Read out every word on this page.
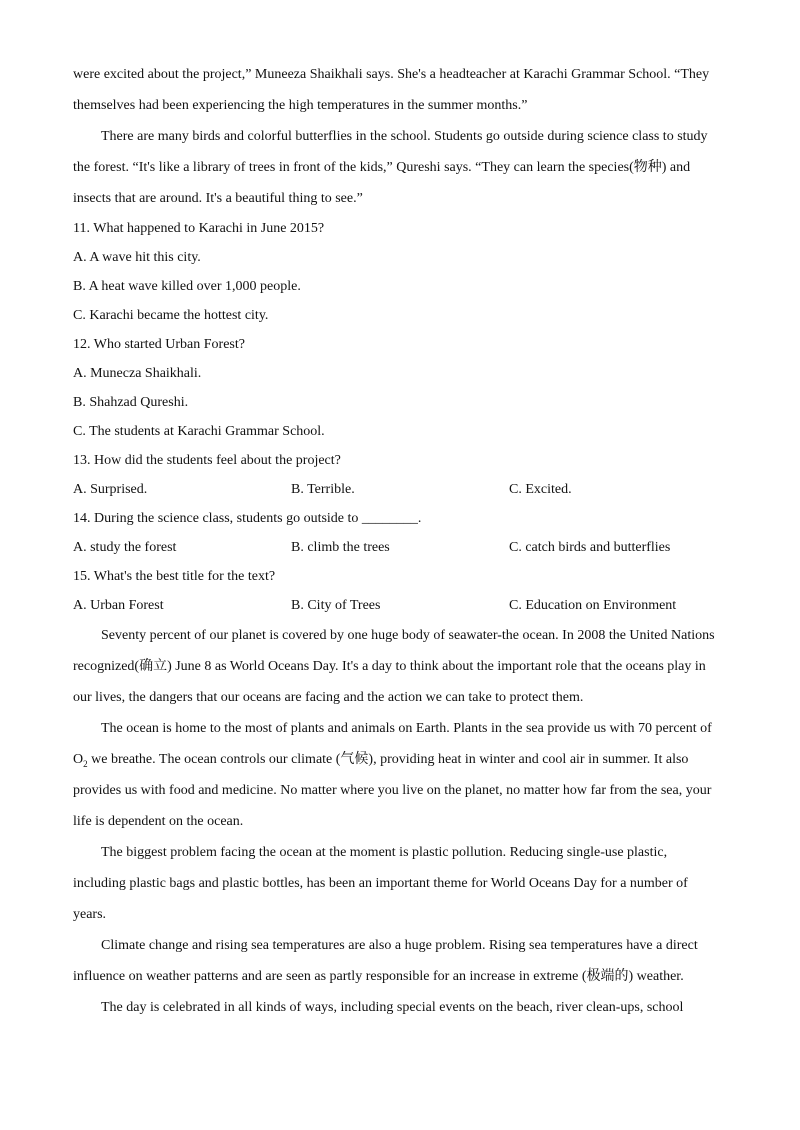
were excited about the project,” Muneeza Shaikhali says. She's a headteacher at Karachi Grammar School. “They

themselves had been experiencing the high temperatures in the summer months.”

There are many birds and colorful butterflies in the school. Students go outside during science class to study

the forest. “It's like a library of trees in front of the kids,” Qureshi says. “They can learn the species(物种) and

insects that are around. It's a beautiful thing to see.”

11. What happened to Karachi in June 2015?

A. A wave hit this city.

B. A heat wave killed over 1,000 people.

C. Karachi became the hottest city.

12. Who started Urban Forest?

A. Munecza Shaikhali.

B. Shahzad Qureshi.

C. The students at Karachi Grammar School.

13. How did the students feel about the project?

A. Surprised.	B. Terrible.	C. Excited.

14. During the science class, students go outside to ________.

A. study the forest	B. climb the trees	C. catch birds and butterflies

15. What's the best title for the text?

A. Urban Forest	B. City of Trees	C. Education on Environment

Seventy percent of our planet is covered by one huge body of seawater-the ocean. In 2008 the United Nations

recognized(确立) June 8 as World Oceans Day. It's a day to think about the important role that the oceans play in

our lives, the dangers that our oceans are facing and the action we can take to protect them.

The ocean is home to the most of plants and animals on Earth. Plants in the sea provide us with 70 percent of

$O_2$ we breathe. The ocean controls our climate (气候), providing heat in winter and cool air in summer. It also

provides us with food and medicine. No matter where you live on the planet, no matter how far from the sea, your

life is dependent on the ocean.

The biggest problem facing the ocean at the moment is plastic pollution. Reducing single-use plastic,

including plastic bags and plastic bottles, has been an important theme for World Oceans Day for a number of

years.

Climate change and rising sea temperatures are also a huge problem. Rising sea temperatures have a direct

influence on weather patterns and are seen as partly responsible for an increase in extreme (极端的) weather.

The day is celebrated in all kinds of ways, including special events on the beach, river clean-ups, school
